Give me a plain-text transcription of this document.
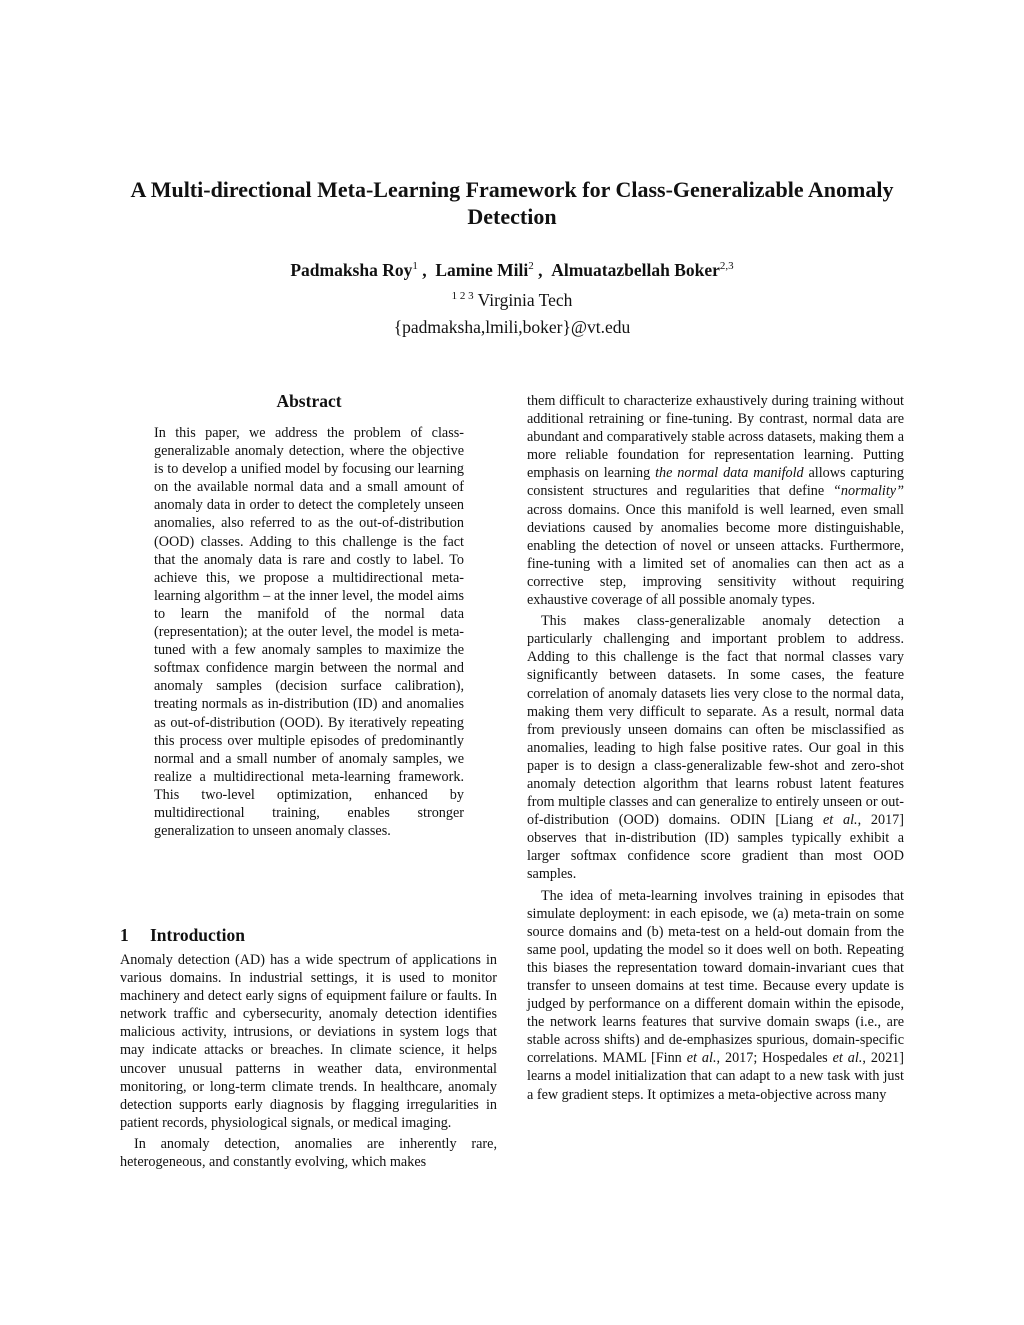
A Multi-directional Meta-Learning Framework for Class-Generalizable Anomaly Detection
Padmaksha Roy$^1$ ,  Lamine Mili$^2$ ,  Almuatazbellah Boker$^{2,3}$
$^{1 2 3}$ Virginia Tech
{padmaksha,lmili,boker}@vt.edu
Abstract

In this paper, we address the problem of class-generalizable anomaly detection, where the objective is to develop a unified model by focusing our learning on the available normal data and a small amount of anomaly data in order to detect the completely unseen anomalies, also referred to as the out-of-distribution (OOD) classes. Adding to this challenge is the fact that the anomaly data is rare and costly to label. To achieve this, we propose a multidirectional meta-learning algorithm – at the inner level, the model aims to learn the manifold of the normal data (representation); at the outer level, the model is meta-tuned with a few anomaly samples to maximize the softmax confidence margin between the normal and anomaly samples (decision surface calibration), treating normals as in-distribution (ID) and anomalies as out-of-distribution (OOD). By iteratively repeating this process over multiple episodes of predominantly normal and a small number of anomaly samples, we realize a multidirectional meta-learning framework. This two-level optimization, enhanced by multidirectional training, enables stronger generalization to unseen anomaly classes.

1 Introduction

Anomaly detection (AD) has a wide spectrum of applications in various domains. In industrial settings, it is used to monitor machinery and detect early signs of equipment failure or faults. In network traffic and cybersecurity, anomaly detection identifies malicious activity, intrusions, or deviations in system logs that may indicate attacks or breaches. In climate science, it helps uncover unusual patterns in weather data, environmental monitoring, or long-term climate trends. In healthcare, anomaly detection supports early diagnosis by flagging irregularities in patient records, physiological signals, or medical imaging.

In anomaly detection, anomalies are inherently rare, heterogeneous, and constantly evolving, which makes

them difficult to characterize exhaustively during training without additional retraining or fine-tuning. By contrast, normal data are abundant and comparatively stable across datasets, making them a more reliable foundation for representation learning. Putting emphasis on learning the normal data manifold allows capturing consistent structures and regularities that define “normality” across domains. Once this manifold is well learned, even small deviations caused by anomalies become more distinguishable, enabling the detection of novel or unseen attacks. Furthermore, fine-tuning with a limited set of anomalies can then act as a corrective step, improving sensitivity without requiring exhaustive coverage of all possible anomaly types.

This makes class-generalizable anomaly detection a particularly challenging and important problem to address. Adding to this challenge is the fact that normal classes vary significantly between datasets. In some cases, the feature correlation of anomaly datasets lies very close to the normal data, making them very difficult to separate. As a result, normal data from previously unseen domains can often be misclassified as anomalies, leading to high false positive rates. Our goal in this paper is to design a class-generalizable few-shot and zero-shot anomaly detection algorithm that learns robust latent features from multiple classes and can generalize to entirely unseen or out-of-distribution (OOD) domains. ODIN [Liang et al., 2017] observes that in-distribution (ID) samples typically exhibit a larger softmax confidence score gradient than most OOD samples.

The idea of meta-learning involves training in episodes that simulate deployment: in each episode, we (a) meta-train on some source domains and (b) meta-test on a held-out domain from the same pool, updating the model so it does well on both. Repeating this biases the representation toward domain-invariant cues that transfer to unseen domains at test time. Because every update is judged by performance on a different domain within the episode, the network learns features that survive domain swaps (i.e., are stable across shifts) and de-emphasizes spurious, domain-specific correlations. MAML [Finn et al., 2017; Hospedales et al., 2021] learns a model initialization that can adapt to a new task with just a few gradient steps. It optimizes a meta-objective across many
